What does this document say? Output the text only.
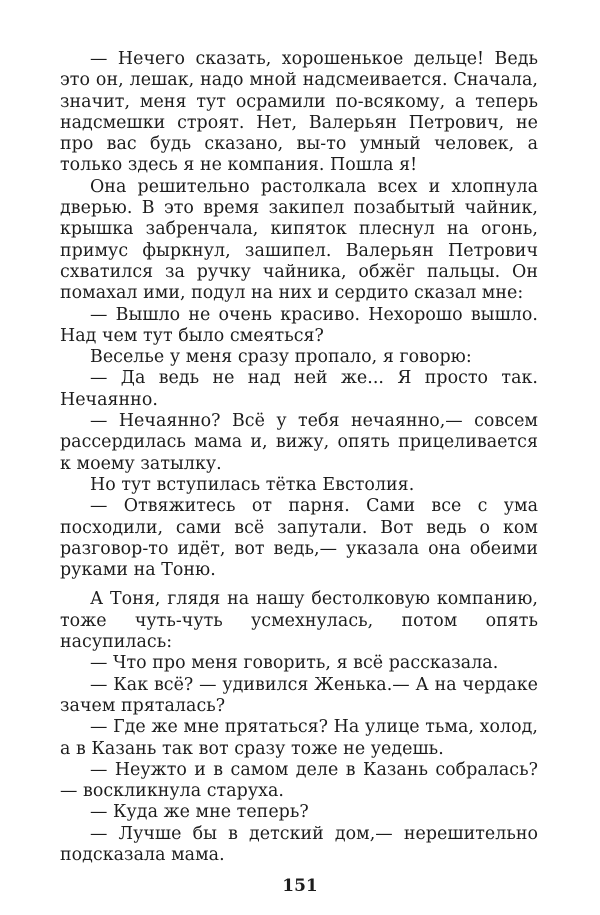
— Нечего сказать, хорошенькое дельце! Ведь это он, лешак, надо мной надсмеивается. Сначала, значит, меня тут осрамили по-всякому, а теперь надсмешки строят. Нет, Валерьян Петрович, не про вас будь сказано, вы-то умный человек, а только здесь я не компания. Пошла я!

Она решительно растолкала всех и хлопнула дверью. В это время закипел позабытый чайник, крышка забренчала, кипяток плеснул на огонь, примус фыркнул, зашипел. Валерьян Петрович схватился за ручку чайника, обжёг пальцы. Он помахал ими, подул на них и сердито сказал мне:

— Вышло не очень красиво. Нехорошо вышло. Над чем тут было смеяться?

Веселье у меня сразу пропало, я говорю:

— Да ведь не над ней же... Я просто так. Нечаянно.

— Нечаянно? Всё у тебя нечаянно,— совсем рассердилась мама и, вижу, опять прицеливается к моему затылку.

Но тут вступилась тётка Евстолия.

— Отвяжитесь от парня. Сами все с ума посходили, сами всё запутали. Вот ведь о ком разговор-то идёт, вот ведь,— указала она обеими руками на Тоню.

А Тоня, глядя на нашу бестолковую компанию, тоже чуть-чуть усмехнулась, потом опять насупилась:

— Что про меня говорить, я всё рассказала.

— Как всё? — удивился Женька.— А на чердаке зачем пряталась?

— Где же мне прятаться? На улице тьма, холод, а в Казань так вот сразу тоже не уедешь.

— Неужто и в самом деле в Казань собралась? — воскликнула старуха.

— Куда же мне теперь?

— Лучше бы в детский дом,— нерешительно подсказала мама.

151
